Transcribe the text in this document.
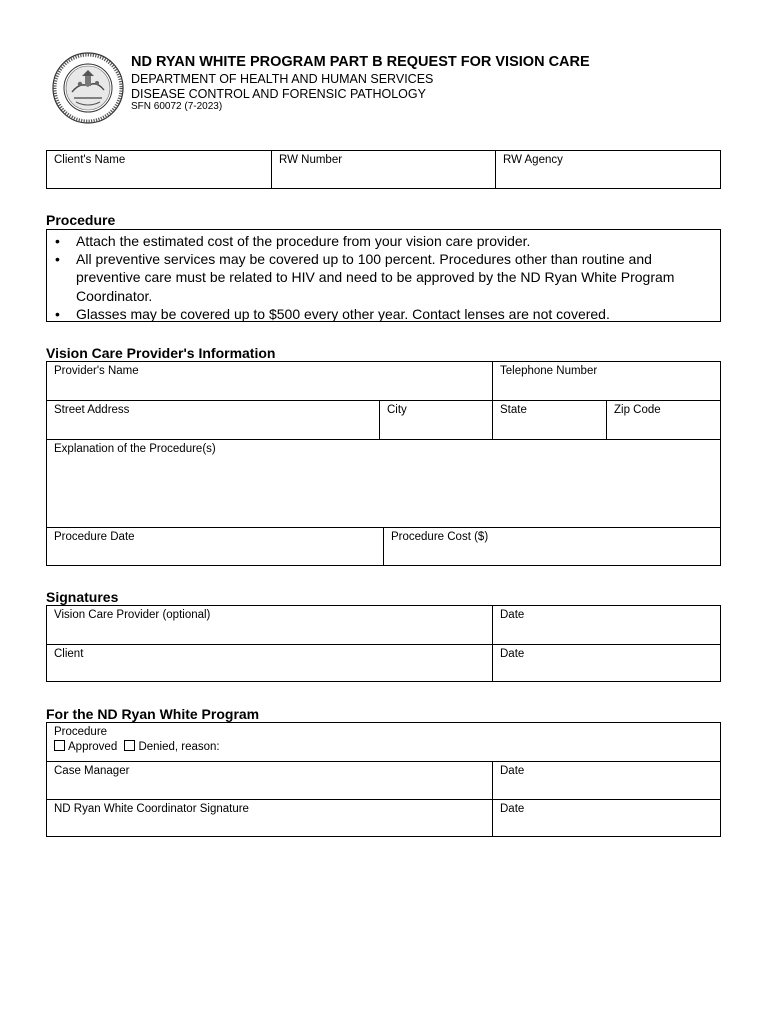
ND RYAN WHITE PROGRAM PART B REQUEST FOR VISION CARE
DEPARTMENT OF HEALTH AND HUMAN SERVICES
DISEASE CONTROL AND FORENSIC PATHOLOGY
SFN 60072 (7-2023)
Client's Name	RW Number	RW Agency
Procedure
• Attach the estimated cost of the procedure from your vision care provider.
• All preventive services may be covered up to 100 percent. Procedures other than routine and preventive care must be related to HIV and need to be approved by the ND Ryan White Program Coordinator.
• Glasses may be covered up to $500 every other year. Contact lenses are not covered.
Vision Care Provider's Information
Provider's Name	Telephone Number
Street Address	City	State	Zip Code
Explanation of the Procedure(s)
Procedure Date	Procedure Cost ($)
Signatures
Vision Care Provider (optional)	Date
Client	Date
For the ND Ryan White Program
Procedure
Approved Denied, reason:
Case Manager	Date
ND Ryan White Coordinator Signature	Date
